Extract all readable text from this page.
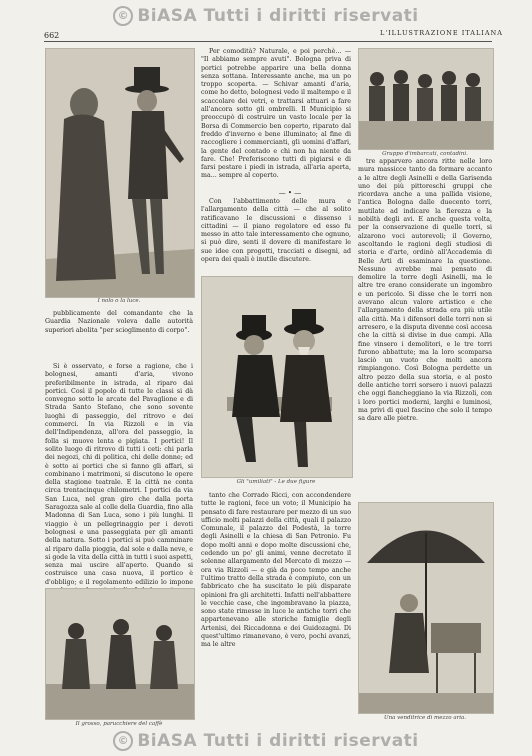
© BiASA Tutti i diritti riservati
662	L'ILLUSTRAZIONE ITALIANA
I nolo o la luce.

Per comodità? Naturale, e poi perchè... — "Il abbiamo sempre avuti". Bologna priva di portici potrebbe apparire una bella donna senza sottana. Interessante anche, ma un po troppo scoperta. — Schivar amanti d'aria, come ho detto, bolognesi vedo il maltempo e il scaccolare dei vetri, e trattarsi attuari a fare all'ancora sotto gli ombrelli. Il Municipio si preoccupò di costruire un vasto locale per la Borsa di Commercio ben coperto, riparato dal freddo d'inverno e bene illuminato; al fine di raccogliere i commercianti, gli uomini d'affari, la gente del contado e chi non ha niente da fare. Che! Preferiscono tutti di pigiarsi e di farsi pestare i piedi in istrada, all'aria aperta, ma... sempre al coperto.

— • —
Gruppo d'imbarcati, contadini.

Con l'abbattimento delle mura e l'allargamento della città — che al solito ratificavano le discussioni e dissenso i cittadini — il piano regolatore ed esso fu messo in atto tale interessamento che ognuno, si può dire, senti il dovere di manifestare le sue idee con progetti, tracciati e disegni, ad opera dei quali è inutile discutere.

pubblicamente del comandante che la Guardia Nazionale voleva dalle autorità superiori abolita "per scioglimento di corpo".

Si è osservato, e forse a ragione, che i bolognesi, amanti d'aria, vivono preferibilmente in istrada, al riparo dai portici. Così il popolo di tutte le classi si dà convegno sotto le arcate del Pavaglione e di Strada Santo Stefano, che sono sovente luoghi di passeggio, del ritrovo e dei commerci. In via Rizzoli e in via dell'Indipendenza, all'ora del passeggio, la folla si muove lenta e pigiata. I portici! Il solito luogo di ritrovo di tutti i ceti: chi parla dei negozi, chi di politica, chi delle donne; ed è sotto ai portici che si fanno gli affari, si combinano i matrimoni, si discutono le opere della stagione teatrale. E la città ne conta circa trentacinque chilometri. I portici da via San Luca, nel gran giro che dalla porta Saragozza sale al colle della Guardia, fino alla Madonna di San Luca, sono i più lunghi. Il viaggio è un pellegrinaggio per i devoti bolognesi e una passeggiata per gli amanti della natura. Sotto i portici si può camminare al riparo dalla pioggia, dal sole e dalla neve, e si gode la vita della città in tutti i suoi aspetti, senza mai uscire all'aperto. Quando si costruisce una casa nuova, il portico è d'obbligo; e il regolamento edilizio lo impone

Gli "umiliati" - Le due figure

tre apparvero ancora ritte nelle loro mura massicce tanto da formare accanto a le altre degli Asinelli e della Garisenda uno dei più pittoreschi gruppi che ricordava anche a una pallida visione, l'antica Bologna dalle duecento torri, mutilate ad indicare la fierezza e la nobiltà degli avi. E anche questa volta, per la conservazione di quelle torri, si alzarono voci autorevoli; il Governo, ascoltando le ragioni degli studiosi di storia e d'arte, ordinò all'Accademia di Belle Arti di esaminare la questione. Nessuno avrebbe mai pensato di demolire la torre degli Asinelli, ma le altre tre erano considerate un ingombro e un pericolo. Si disse che le torri non avevano alcun valore artistico e che l'allargamento della strada era più utile alla città. Ma i difensori delle torri non si arresero, e la disputa divenne così accesa che la città si divise in due campi. Alla fine vinsero i demolitori, e le tre torri furono abbattute; ma la loro scomparsa lasciò un vuoto che molti ancora rimpiangono. Così Bologna perdette un altro pezzo della sua storia, e al posto delle antiche torri sorsero i nuovi palazzi che oggi fiancheggiano la via Rizzoli, con i loro portici moderni, larghi e luminosi, ma privi di quel fascino che solo il tempo sa dare alle pietre.

Il grosso, parucchiere del caffè

tanto che Corrado Ricci, con accondendere tutte le ragioni, fece un voto; il Municipio ha pensato di fare restaurare per mezzo di un suo ufficio molti palazzi della città, quali il palazzo Comunale, il palazzo del Podestà, la torre degli Asinelli e la chiesa di San Petronio. Fu dopo molti anni e dopo molte discussioni che, cedendo un po' gli animi, venne decretato il solenne allargamento del Mercato di mezzo — ora via Rizzoli — e già da poco tempo anche l'ultimo tratto della strada è compiuto, con un fabbricato che ha suscitato le più disparate opinioni fra gli architetti. Infatti nell'abbattere le vecchie case, che ingombravano la piazza, sono state rimesse in luce le antiche torri che appartenevano alle storiche famiglie degli Artenisi, dei Riccadonna e dei Guidozagni. Di quest'ultimo rimanevano, è vero, pochi avanzi, ma le altre

Una venditrice di mezzo aria.
© BiASA Tutti i diritti riservati
